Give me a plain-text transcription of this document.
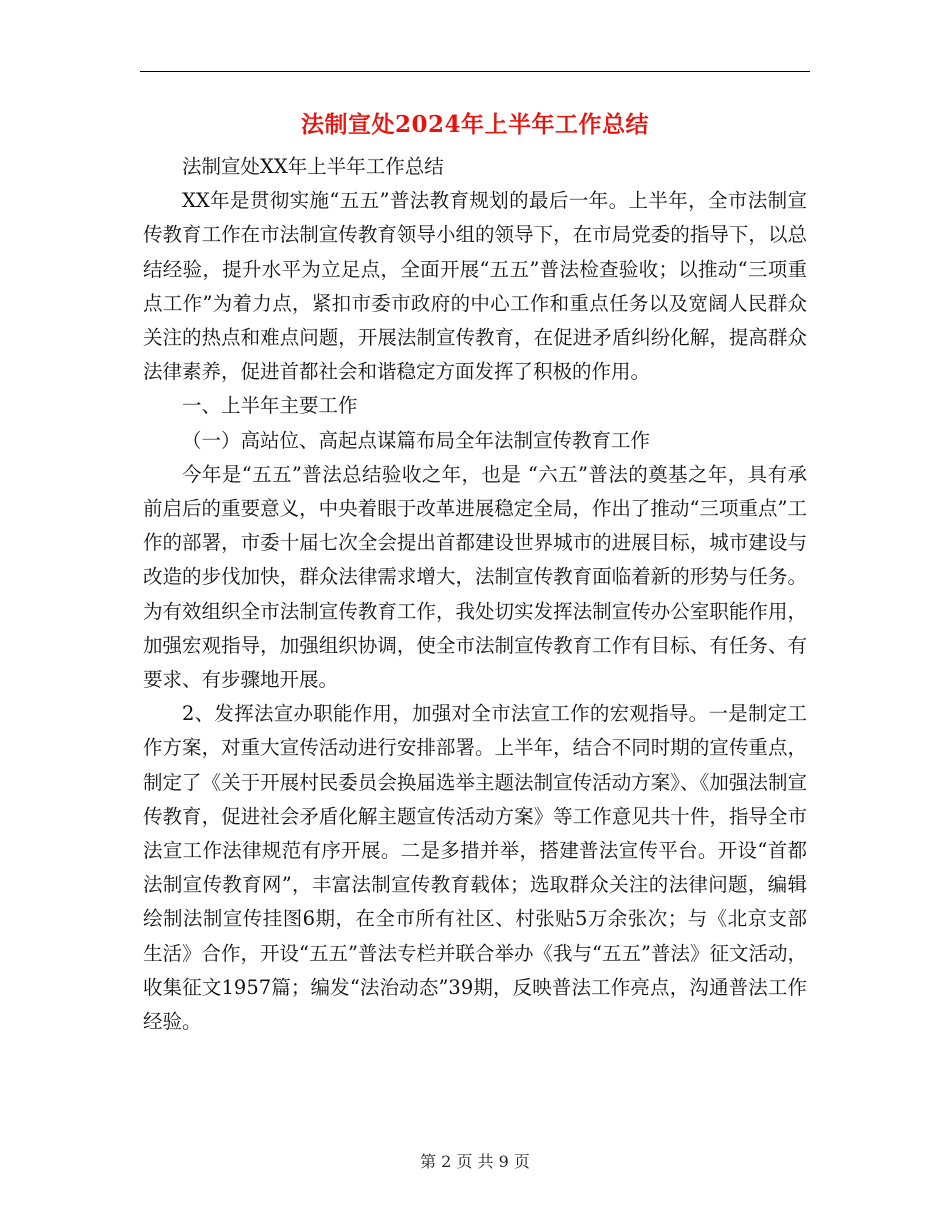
法制宣处2024年上半年工作总结

法制宣处XX年上半年工作总结

XX年是贯彻实施“五五”普法教育规划的最后一年。上半年，全市法制宣传教育工作在市法制宣传教育领导小组的领导下，在市局党委的指导下，以总结经验，提升水平为立足点，全面开展“五五”普法检查验收；以推动“三项重点工作”为着力点，紧扣市委市政府的中心工作和重点任务以及宽阔人民群众关注的热点和难点问题，开展法制宣传教育，在促进矛盾纠纷化解，提高群众法律素养，促进首都社会和谐稳定方面发挥了积极的作用。

一、上半年主要工作

（一）高站位、高起点谋篇布局全年法制宣传教育工作

今年是“五五”普法总结验收之年，也是 “六五”普法的奠基之年，具有承前启后的重要意义，中央着眼于改革进展稳定全局，作出了推动“三项重点”工作的部署，市委十届七次全会提出首都建设世界城市的进展目标，城市建设与改造的步伐加快，群众法律需求增大，法制宣传教育面临着新的形势与任务。为有效组织全市法制宣传教育工作，我处切实发挥法制宣传办公室职能作用，加强宏观指导，加强组织协调，使全市法制宣传教育工作有目标、有任务、有要求、有步骤地开展。

2、发挥法宣办职能作用，加强对全市法宣工作的宏观指导。一是制定工作方案，对重大宣传活动进行安排部署。上半年，结合不同时期的宣传重点，制定了《关于开展村民委员会换届选举主题法制宣传活动方案》、《加强法制宣传教育，促进社会矛盾化解主题宣传活动方案》等工作意见共十件，指导全市法宣工作法律规范有序开展。二是多措并举，搭建普法宣传平台。开设“首都法制宣传教育网”，丰富法制宣传教育载体；选取群众关注的法律问题，编辑绘制法制宣传挂图6期，在全市所有社区、村张贴5万余张次；与《北京支部生活》合作，开设“五五”普法专栏并联合举办《我与“五五”普法》征文活动，收集征文1957篇；编发“法治动态”39期，反映普法工作亮点，沟通普法工作经验。

第 2 页 共 9 页
